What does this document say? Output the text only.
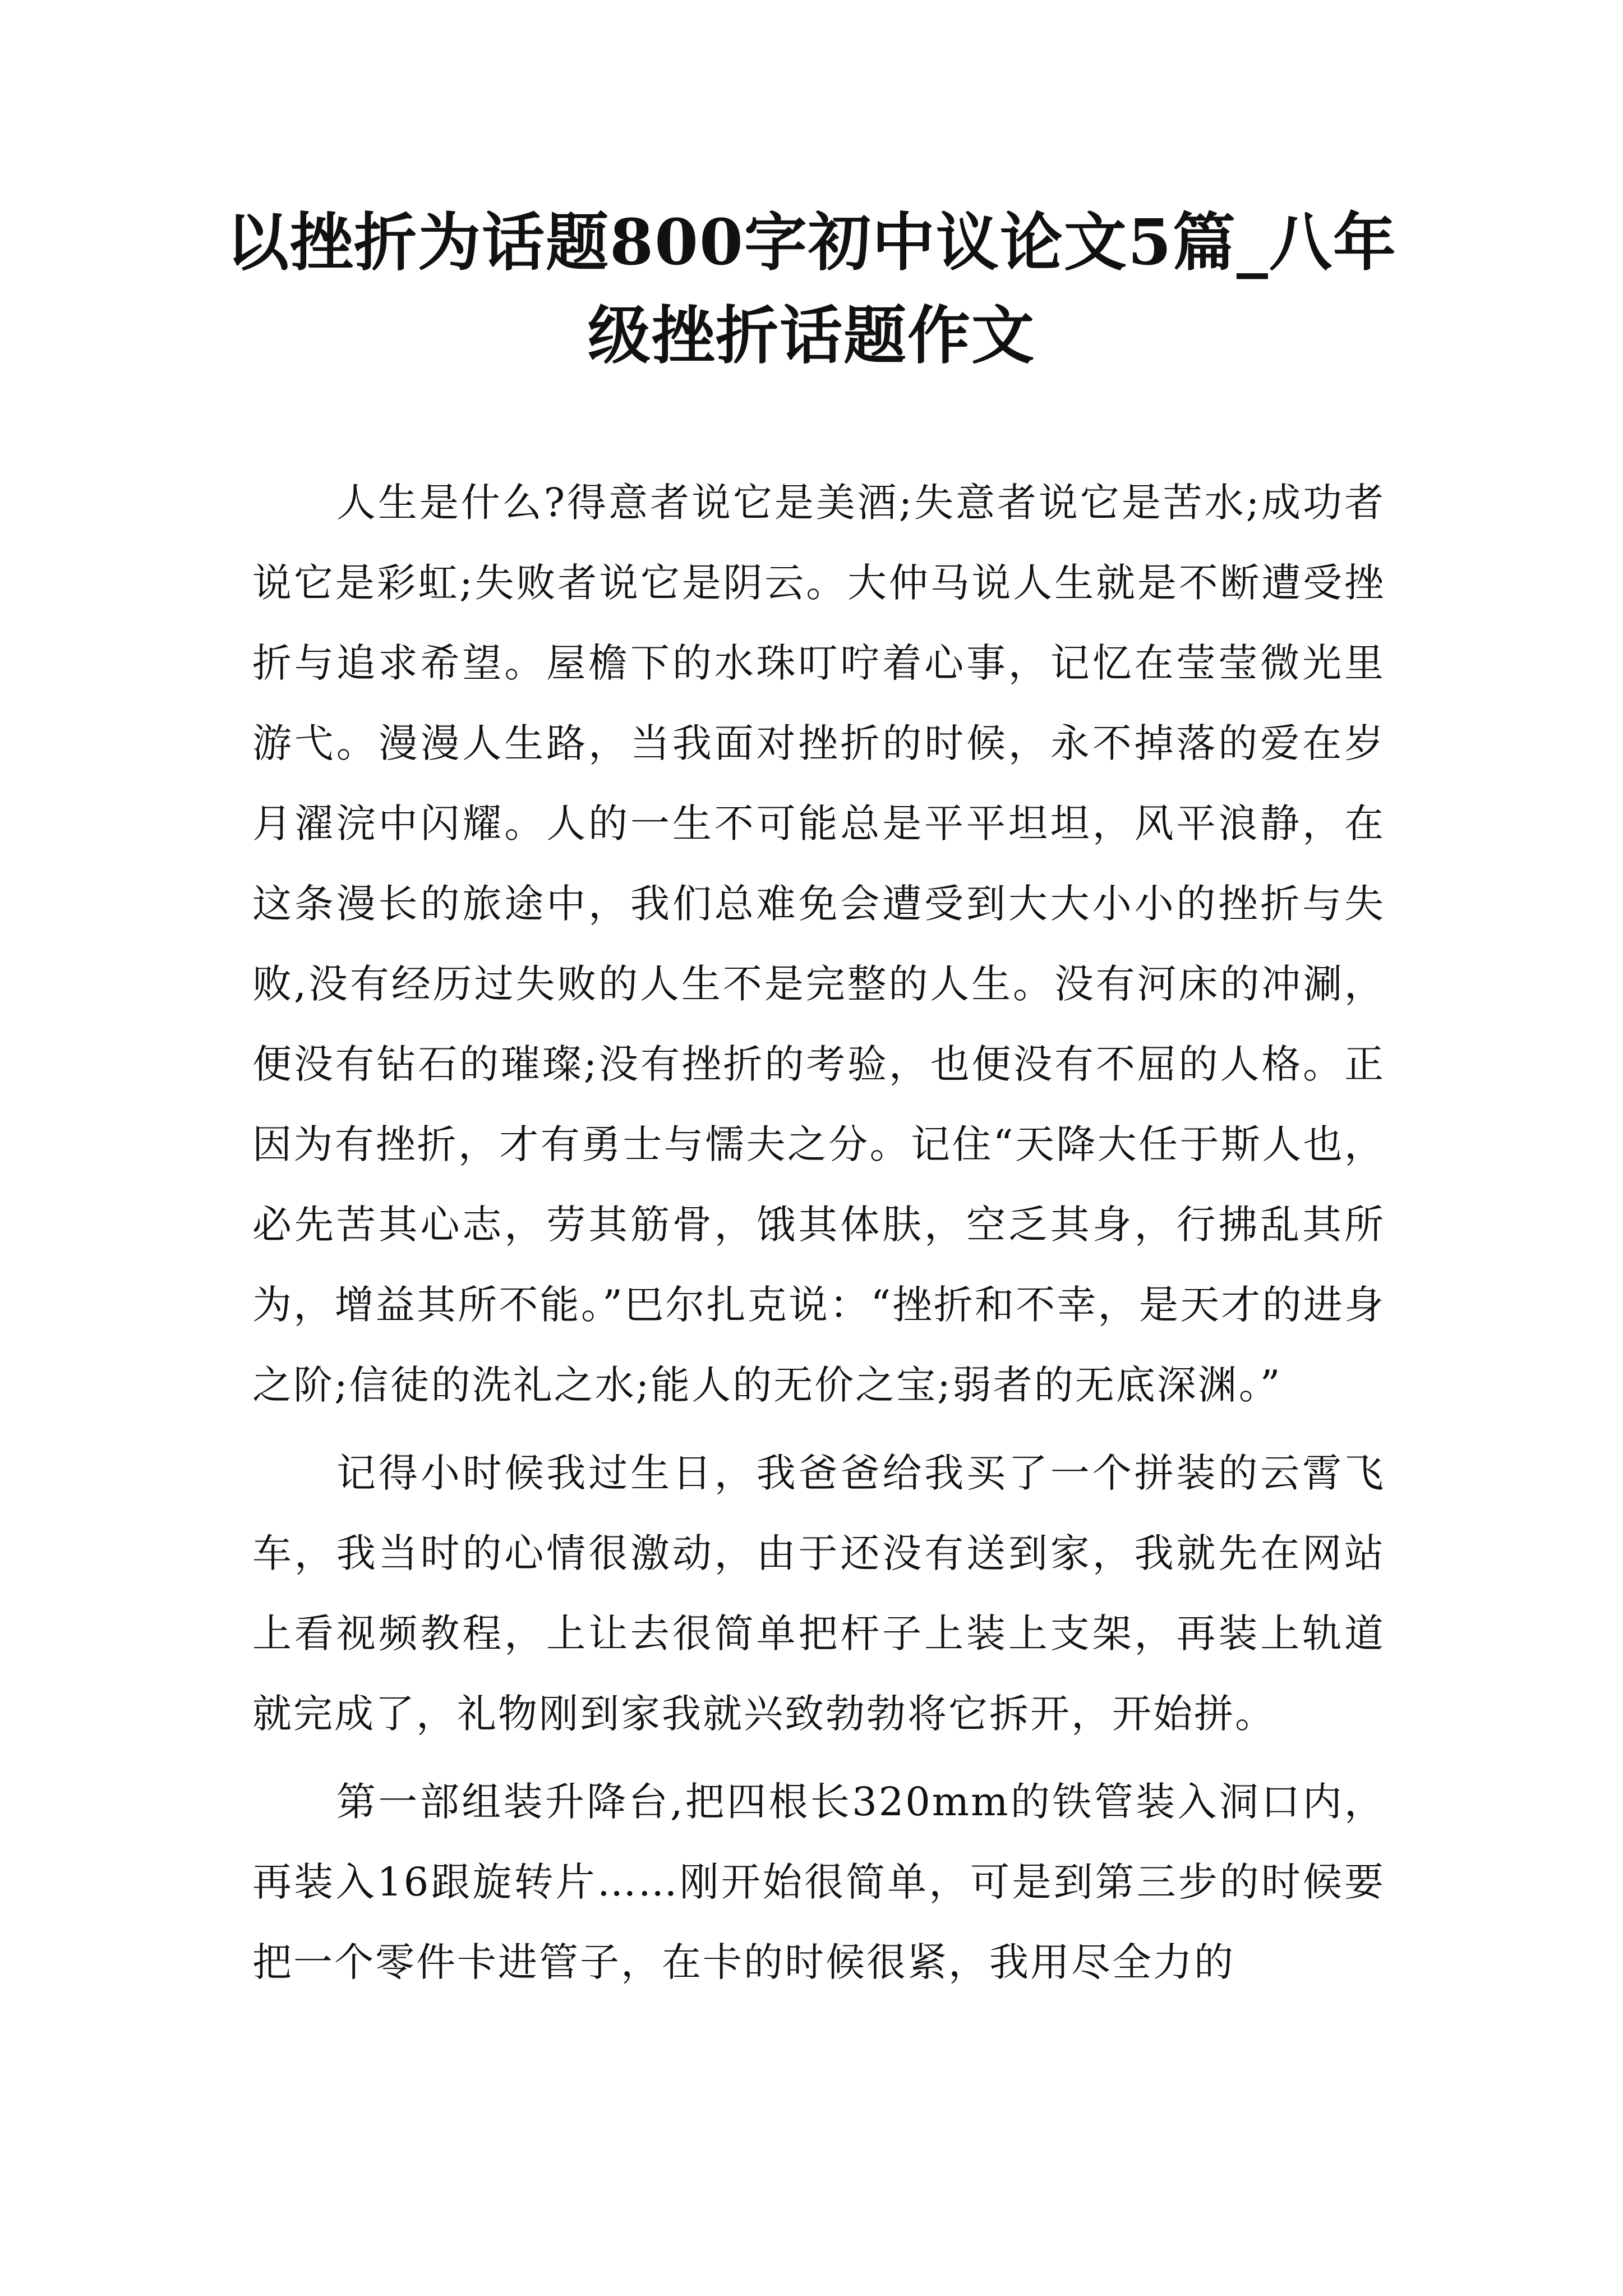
以挫折为话题800字初中议论文5篇_八年级挫折话题作文

人生是什么?得意者说它是美酒;失意者说它是苦水;成功者说它是彩虹;失败者说它是阴云。大仲马说人生就是不断遭受挫折与追求希望。屋檐下的水珠叮咛着心事，记忆在莹莹微光里游弋。漫漫人生路，当我面对挫折的时候，永不掉落的爱在岁月濯浣中闪耀。人的一生不可能总是平平坦坦，风平浪静，在这条漫长的旅途中，我们总难免会遭受到大大小小的挫折与失败,没有经历过失败的人生不是完整的人生。没有河床的冲涮，便没有钻石的璀璨;没有挫折的考验，也便没有不屈的人格。正因为有挫折，才有勇士与懦夫之分。记住“天降大任于斯人也，必先苦其心志，劳其筋骨，饿其体肤，空乏其身，行拂乱其所为，增益其所不能。”巴尔扎克说：“挫折和不幸，是天才的进身之阶;信徒的洗礼之水;能人的无价之宝;弱者的无底深渊。”

记得小时候我过生日，我爸爸给我买了一个拼装的云霄飞车，我当时的心情很激动，由于还没有送到家，我就先在网站上看视频教程，上让去很简单把杆子上装上支架，再装上轨道就完成了，礼物刚到家我就兴致勃勃将它拆开，开始拼。

第一部组装升降台,把四根长320mm的铁管装入洞口内，再装入16跟旋转片……刚开始很简单，可是到第三步的时候要把一个零件卡进管子，在卡的时候很紧，我用尽全力的
